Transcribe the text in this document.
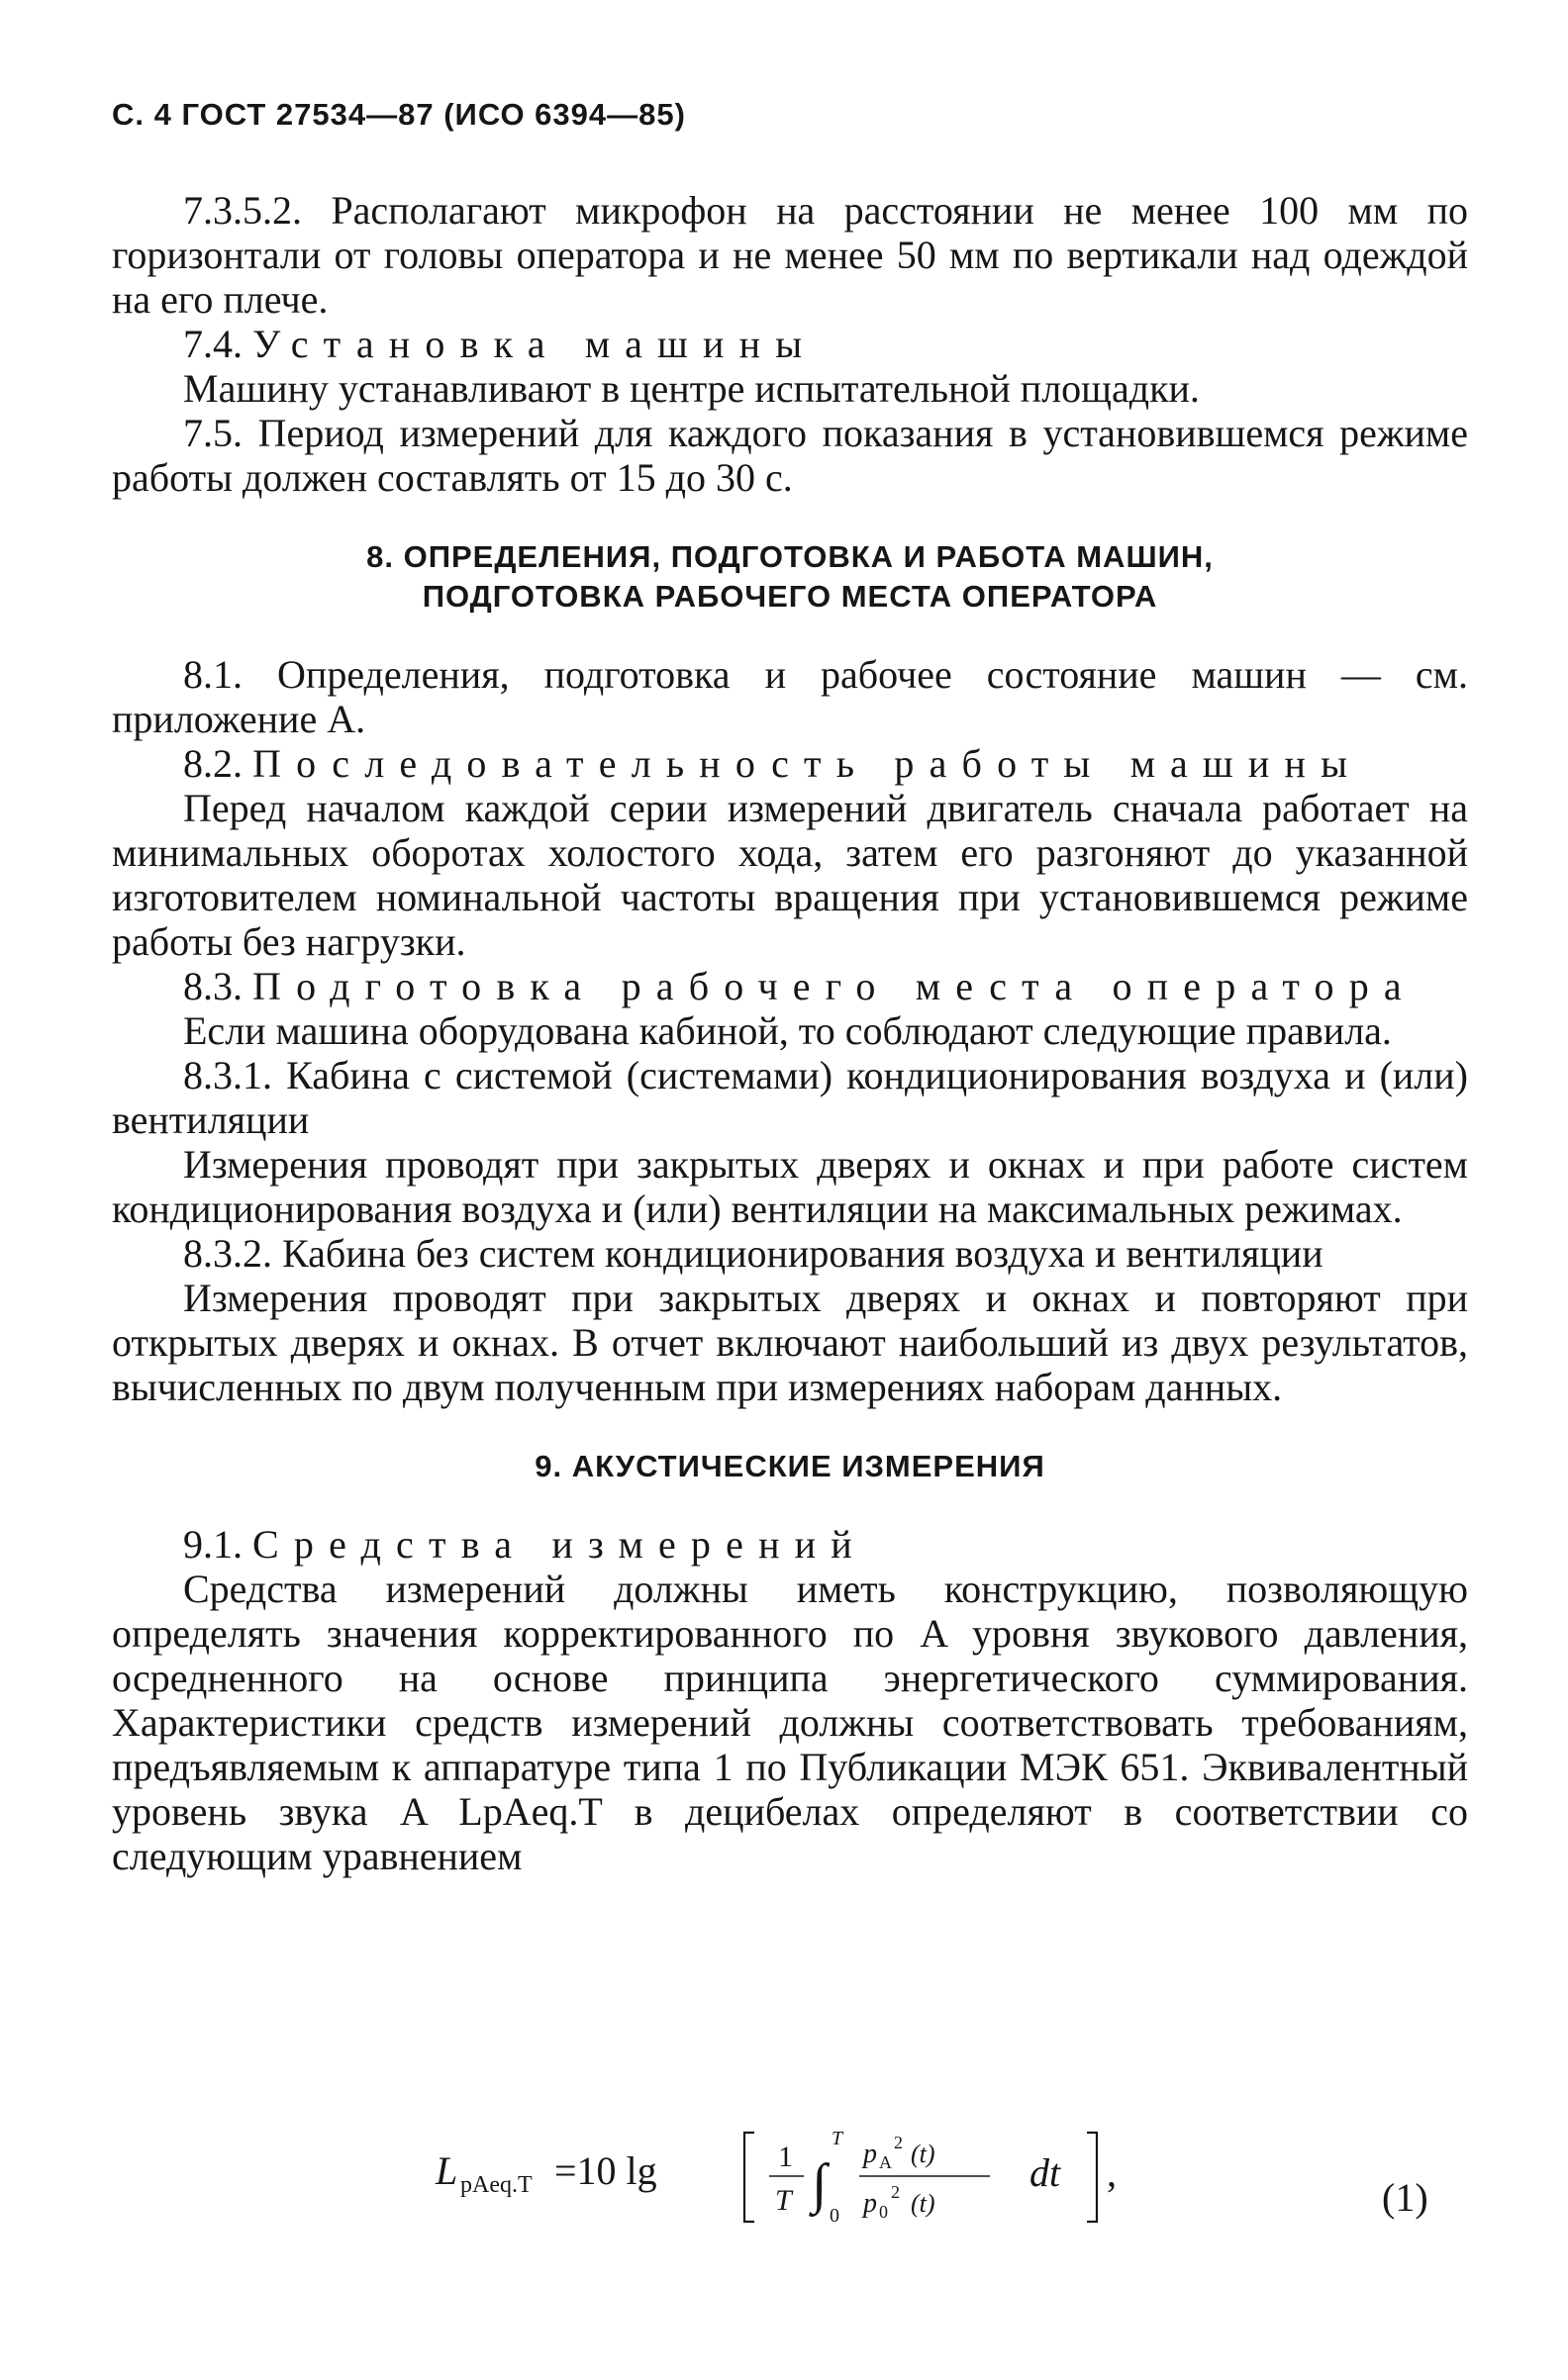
С. 4 ГОСТ 27534—87 (ИСО 6394—85)

7.3.5.2. Располагают микрофон на расстоянии не менее 100 мм по горизонтали от головы оператора и не менее 50 мм по вертикали над одеждой на его плече.

7.4. Установка машины

Машину устанавливают в центре испытательной площадки.

7.5. Период измерений для каждого показания в установившемся режиме работы должен составлять от 15 до 30 с.

8. ОПРЕДЕЛЕНИЯ, ПОДГОТОВКА И РАБОТА МАШИН,
ПОДГОТОВКА РАБОЧЕГО МЕСТА ОПЕРАТОРА

8.1. Определения, подготовка и рабочее состояние машин — см. приложение А.

8.2. Последовательность работы машины

Перед началом каждой серии измерений двигатель сначала работает на минимальных оборотах холостого хода, затем его разгоняют до указанной изготовителем номинальной частоты вращения при установившемся режиме работы без нагрузки.

8.3. Подготовка рабочего места оператора

Если машина оборудована кабиной, то соблюдают следующие правила.

8.3.1. Кабина с системой (системами) кондиционирования воздуха и (или) вентиляции

Измерения проводят при закрытых дверях и окнах и при работе систем кондиционирования воздуха и (или) вентиляции на максимальных режимах.

8.3.2. Кабина без систем кондиционирования воздуха и вентиляции

Измерения проводят при закрытых дверях и окнах и повторяют при открытых дверях и окнах. В отчет включают наибольший из двух результатов, вычисленных по двум полученным при измерениях наборам данных.

9. АКУСТИЧЕСКИЕ ИЗМЕРЕНИЯ

9.1. Средства измерений

Средства измерений должны иметь конструкцию, позволяющую определять значения корректированного по A уровня звукового давления, осредненного на основе принципа энергетического суммирования. Характеристики средств измерений должны соответствовать требованиям, предъявляемым к аппаратуре типа 1 по Публикации МЭК 651. Эквивалентный уровень звука A LpAeq.T в децибелах определяют в соответствии со следующим уравнением

L pAeq.T =10 lg	1
T ∫
T
0
p A
2 (t)
p 0
2 (t)
dt ,
(1)
